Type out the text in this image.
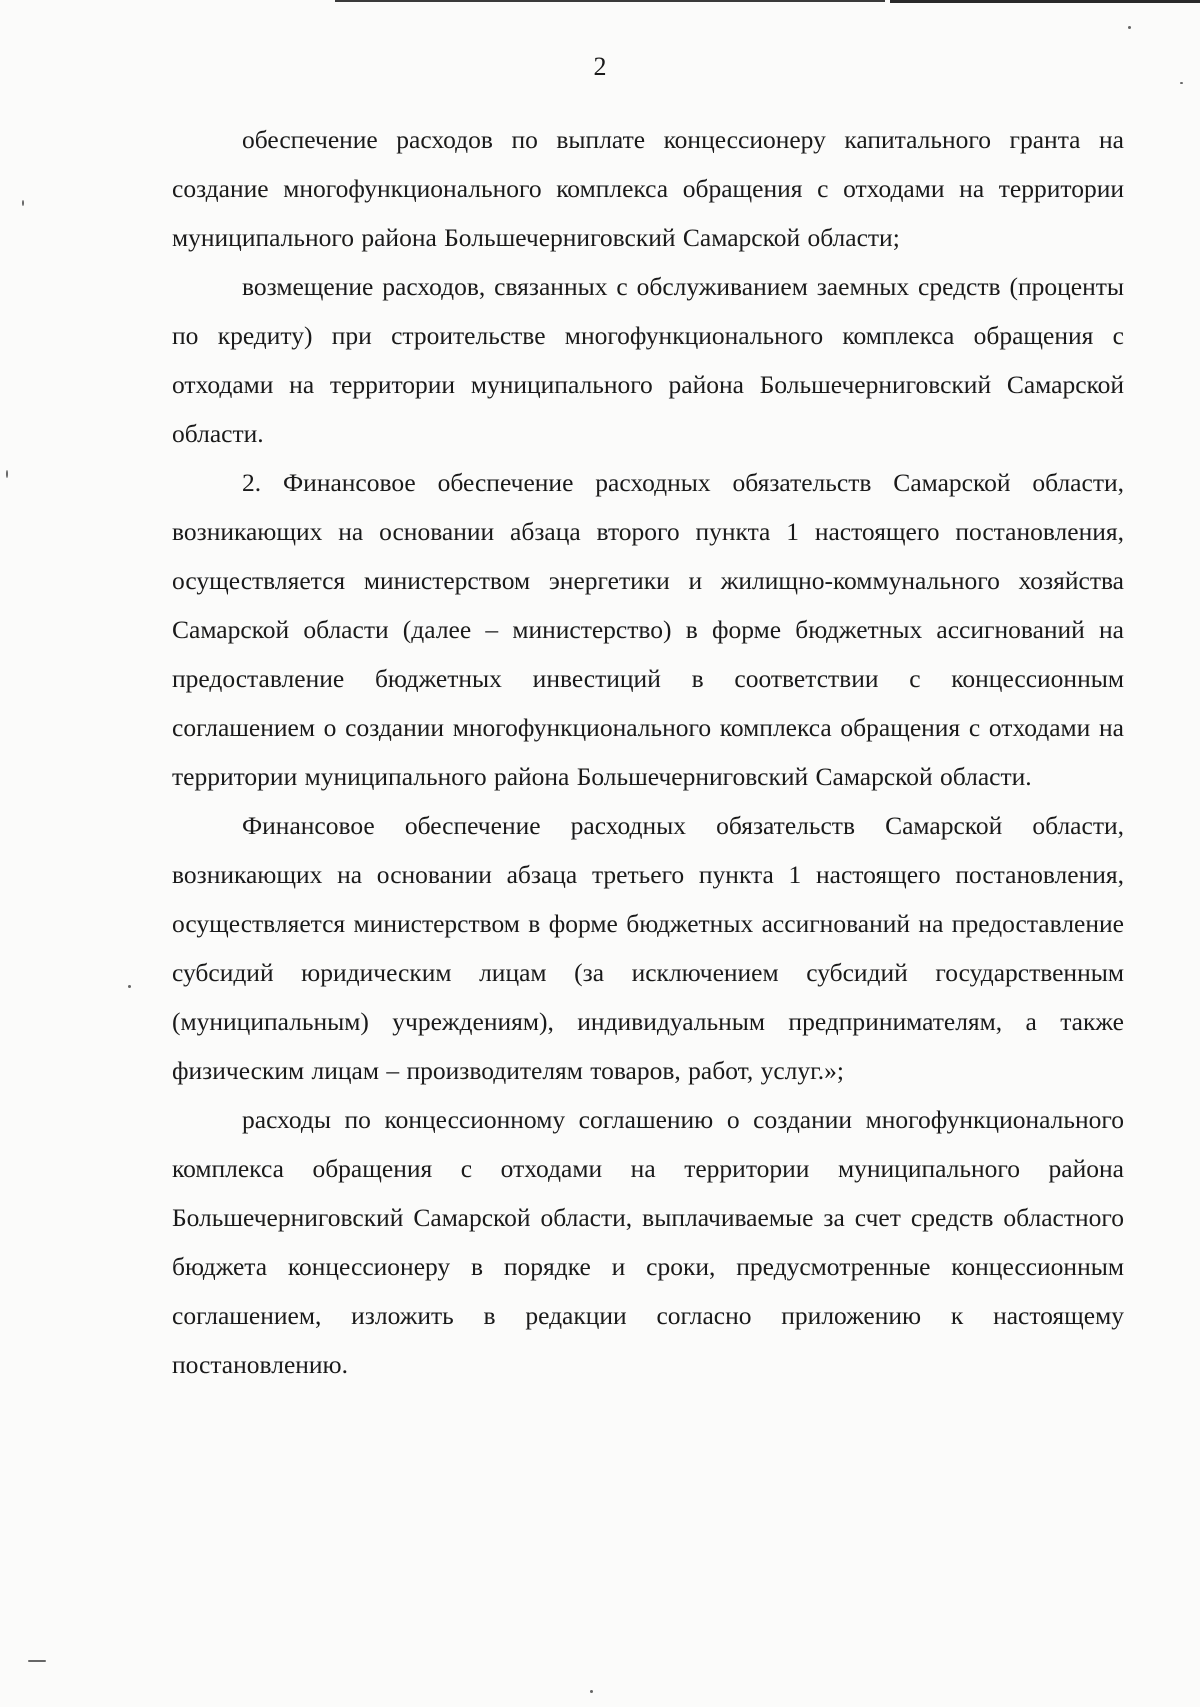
2

обеспечение расходов по выплате концессионеру капитального гранта на создание многофункционального комплекса обращения с отходами на территории муниципального района Большечерниговский Самарской области;

возмещение расходов, связанных с обслуживанием заемных средств (проценты по кредиту) при строительстве многофункционального комплекса обращения с отходами на территории муниципального района Большечерниговский Самарской области.

2. Финансовое обеспечение расходных обязательств Самарской области, возникающих на основании абзаца второго пункта 1 настоящего постановления, осуществляется министерством энергетики и жилищно-коммунального хозяйства Самарской области (далее – министерство) в форме бюджетных ассигнований на предоставление бюджетных инвестиций в соответствии с концессионным соглашением о создании многофункционального комплекса обращения с отходами на территории муниципального района Большечерниговский Самарской области.

Финансовое обеспечение расходных обязательств Самарской области, возникающих на основании абзаца третьего пункта 1 настоящего постановления, осуществляется министерством в форме бюджетных ассигнований на предоставление субсидий юридическим лицам (за исключением субсидий государственным (муниципальным) учреждениям), индивидуальным предпринимателям, а также физическим лицам – производителям товаров, работ, услуг.»;

расходы по концессионному соглашению о создании многофункционального комплекса обращения с отходами на территории муниципального района Большечерниговский Самарской области, выплачиваемые за счет средств областного бюджета концессионеру в порядке и сроки, предусмотренные концессионным соглашением, изложить в редакции согласно приложению к настоящему постановлению.
